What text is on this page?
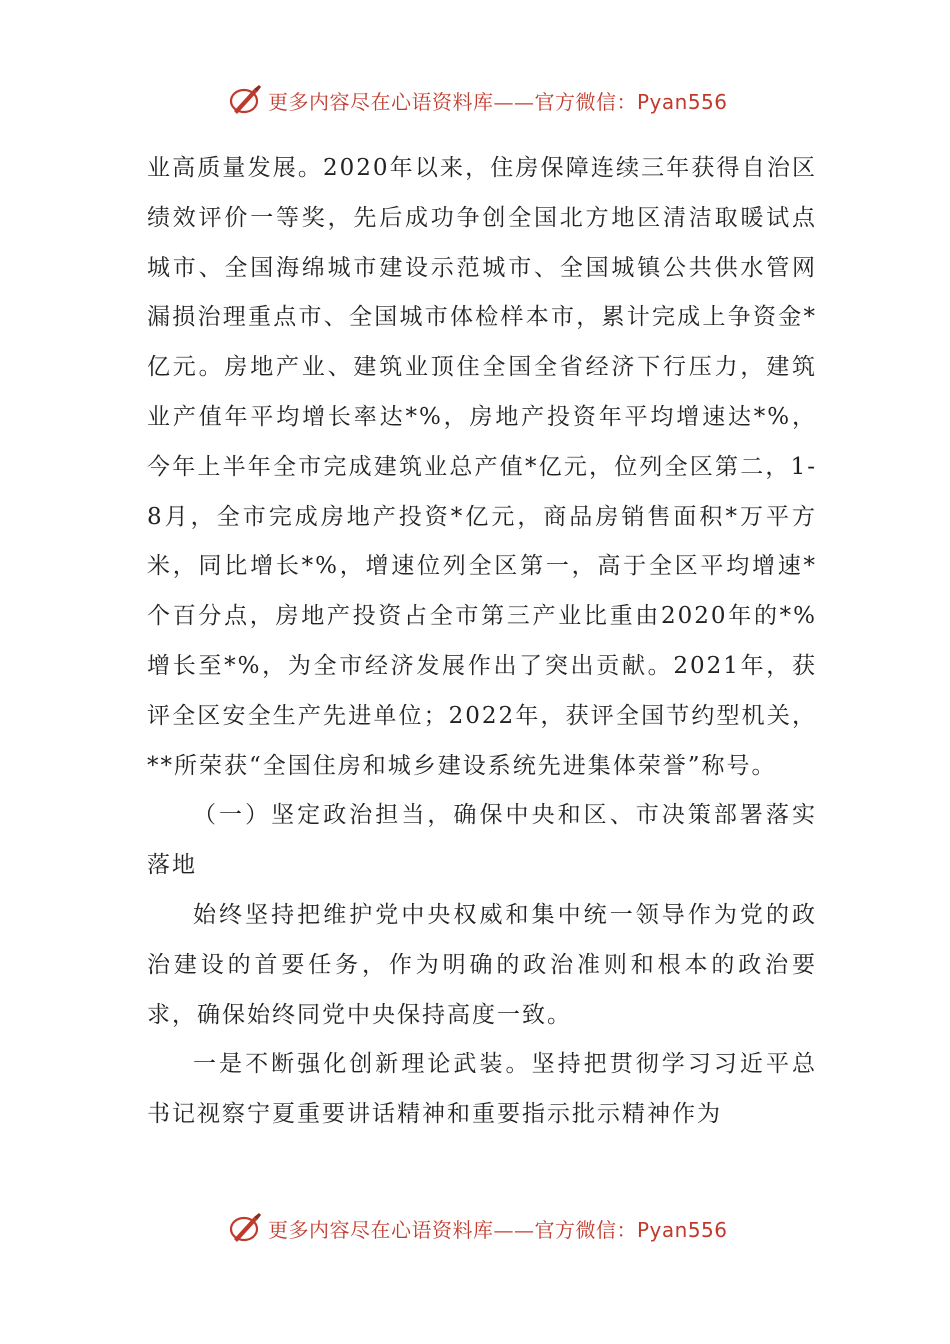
更多内容尽在心语资料库——官方微信：Pyan556

业高质量发展。2020年以来，住房保障连续三年获得自治区绩效评价一等奖，先后成功争创全国北方地区清洁取暖试点城市、全国海绵城市建设示范城市、全国城镇公共供水管网漏损治理重点市、全国城市体检样本市，累计完成上争资金*亿元。房地产业、建筑业顶住全国全省经济下行压力，建筑业产值年平均增长率达*%，房地产投资年平均增速达*%，今年上半年全市完成建筑业总产值*亿元，位列全区第二，1-8月，全市完成房地产投资*亿元，商品房销售面积*万平方米，同比增长*%，增速位列全区第一，高于全区平均增速*个百分点，房地产投资占全市第三产业比重由2020年的*%增长至*%，为全市经济发展作出了突出贡献。2021年，获评全区安全生产先进单位；2022年，获评全国节约型机关，**所荣获“全国住房和城乡建设系统先进集体荣誉”称号。

（一）坚定政治担当，确保中央和区、市决策部署落实落地

始终坚持把维护党中央权威和集中统一领导作为党的政治建设的首要任务，作为明确的政治准则和根本的政治要求，确保始终同党中央保持高度一致。

一是不断强化创新理论武装。坚持把贯彻学习习近平总书记视察宁夏重要讲话精神和重要指示批示精神作为

更多内容尽在心语资料库——官方微信：Pyan556
